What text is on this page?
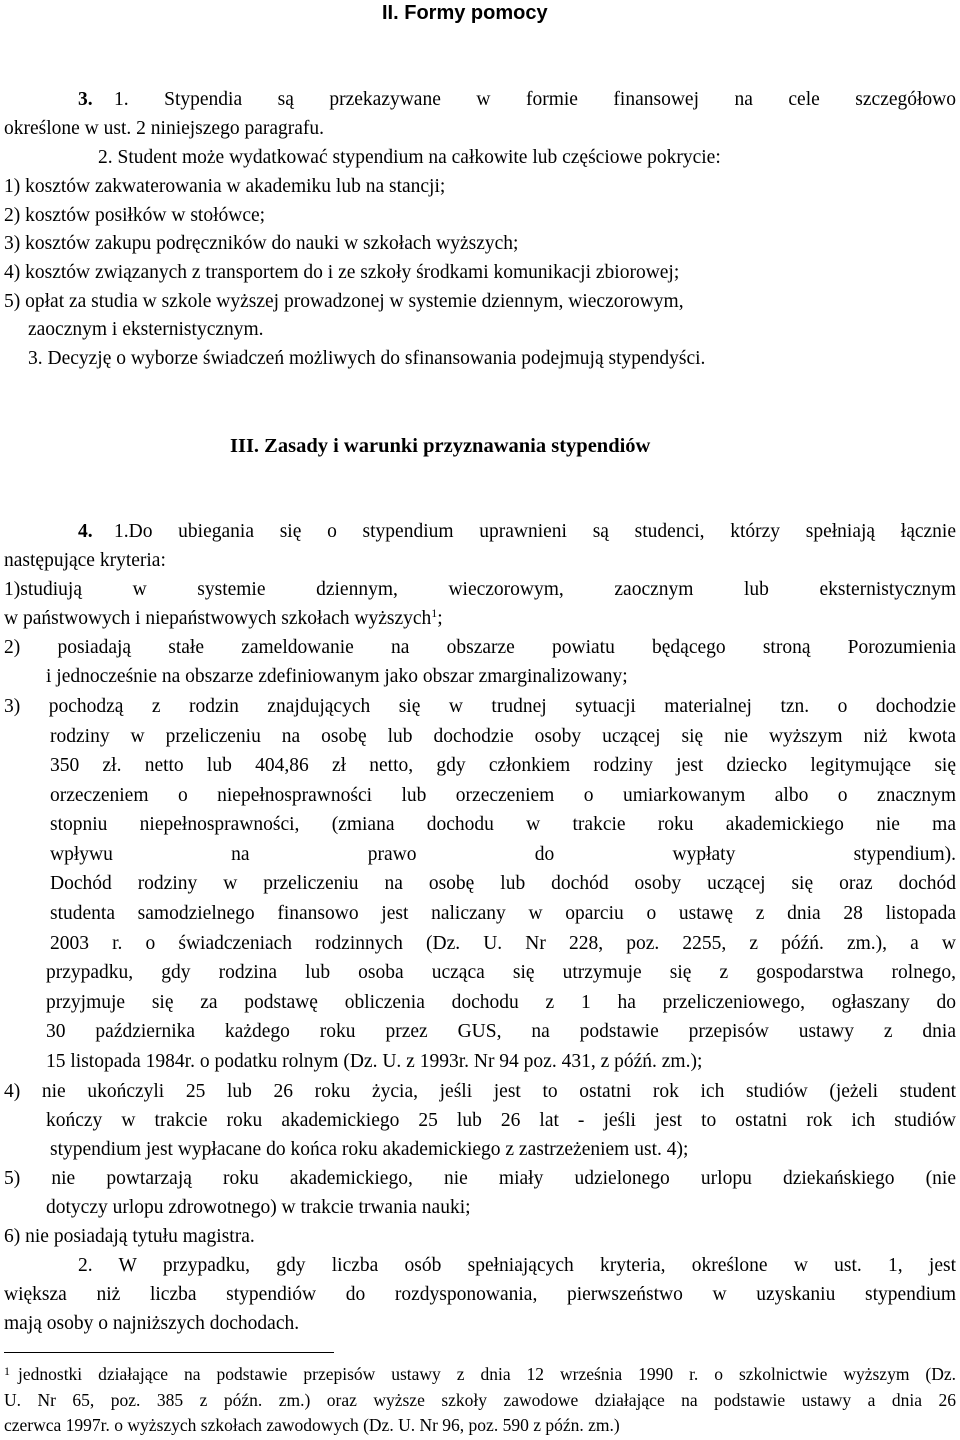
II. Formy pomocy
3. 1. Stypendia są przekazywane w formie finansowej na cele szczegółowo
określone w ust. 2 niniejszego paragrafu.
2. Student może wydatkować stypendium na całkowite lub częściowe pokrycie:
1) kosztów zakwaterowania w akademiku lub na stancji;
2) kosztów posiłków w stołówce;
3) kosztów zakupu podręczników do nauki w szkołach wyższych;
4) kosztów związanych z transportem do i ze szkoły środkami komunikacji zbiorowej;
5) opłat za studia w szkole wyższej prowadzonej w systemie dziennym, wieczorowym,
zaocznym i eksternistycznym.
3. Decyzję o wyborze świadczeń możliwych do sfinansowania podejmują stypendyści.
III. Zasady i warunki przyznawania stypendiów
4. 1.Do ubiegania się o stypendium uprawnieni są studenci, którzy spełniają łącznie
następujące kryteria:
1)studiują w systemie dziennym, wieczorowym, zaocznym lub eksternistycznym
w państwowych i niepaństwowych szkołach wyższych$^1$;
2) posiadają stałe zameldowanie na obszarze powiatu będącego stroną Porozumienia
i jednocześnie na obszarze zdefiniowanym jako obszar zmarginalizowany;
3) pochodzą z rodzin znajdujących się w trudnej sytuacji materialnej tzn. o dochodzie
rodziny w przeliczeniu na osobę lub dochodzie osoby uczącej się nie wyższym niż kwota
350 zł. netto lub 404,86 zł netto, gdy członkiem rodziny jest dziecko legitymujące się
orzeczeniem o niepełnosprawności lub orzeczeniem o umiarkowanym albo o znacznym
stopniu niepełnosprawności, (zmiana dochodu w trakcie roku akademickiego nie ma
wpływu na prawo do wypłaty stypendium).
Dochód rodziny w przeliczeniu na osobę lub dochód osoby uczącej się oraz dochód
studenta samodzielnego finansowo jest naliczany w oparciu o ustawę z dnia 28 listopada
2003 r. o świadczeniach rodzinnych (Dz. U. Nr 228, poz. 2255, z późń. zm.), a w
przypadku, gdy rodzina lub osoba ucząca się utrzymuje się z gospodarstwa rolnego,
przyjmuje się za podstawę obliczenia dochodu z 1 ha przeliczeniowego, ogłaszany do
30 października każdego roku przez GUS, na podstawie przepisów ustawy z dnia
15 listopada 1984r. o podatku rolnym (Dz. U. z 1993r. Nr 94 poz. 431, z późń. zm.);
4) nie ukończyli 25 lub 26 roku życia, jeśli jest to ostatni rok ich studiów (jeżeli student
kończy w trakcie roku akademickiego 25 lub 26 lat - jeśli jest to ostatni rok ich studiów
stypendium jest wypłacane do końca roku akademickiego z zastrzeżeniem ust. 4);
5) nie powtarzają roku akademickiego, nie miały udzielonego urlopu dziekańskiego (nie
dotyczy urlopu zdrowotnego) w trakcie trwania nauki;
6) nie posiadają tytułu magistra.
2. W przypadku, gdy liczba osób spełniających kryteria, określone w ust. 1, jest
większa niż liczba stypendiów do rozdysponowania, pierwszeństwo w uzyskaniu stypendium
mają osoby o najniższych dochodach.
1 jednostki działające na podstawie przepisów ustawy z dnia 12 września 1990 r. o szkolnictwie wyższym (Dz.
U. Nr 65, poz. 385 z późn. zm.) oraz wyższe szkoły zawodowe działające na podstawie ustawy a dnia 26
czerwca 1997r. o wyższych szkołach zawodowych (Dz. U. Nr 96, poz. 590 z późn. zm.)
